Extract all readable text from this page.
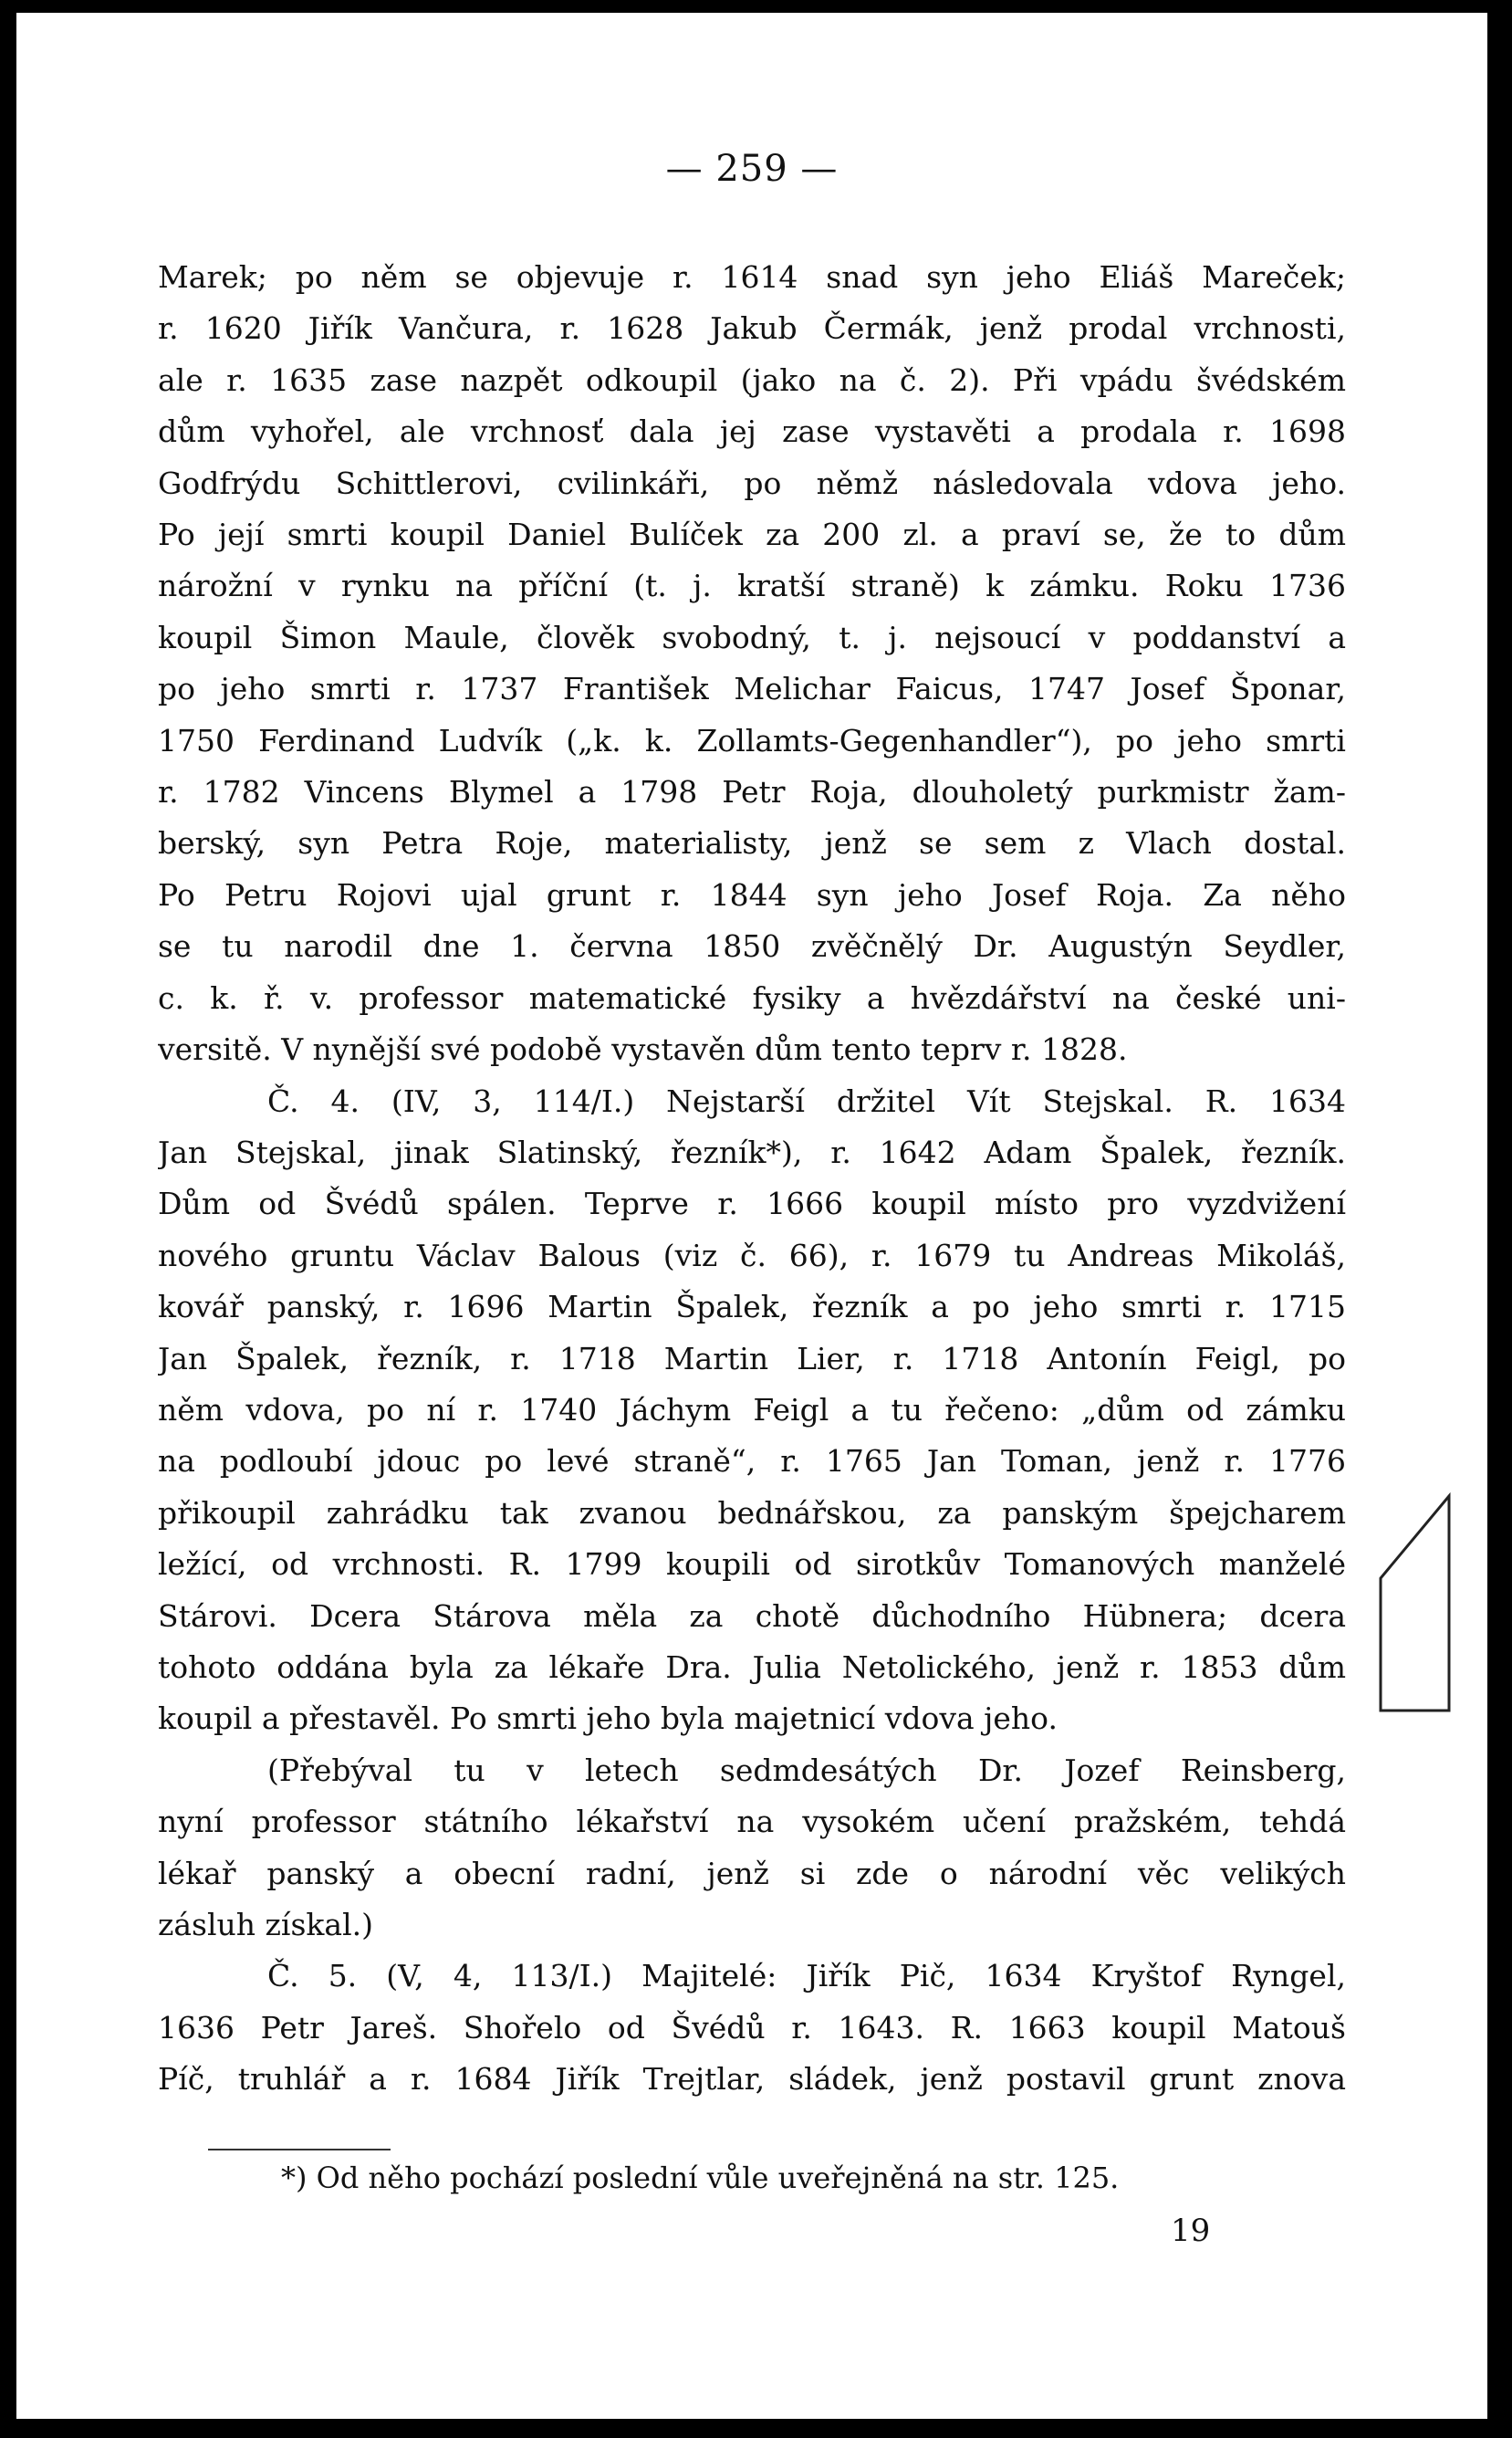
— 259 —
Marek; po něm se objevuje r. 1614 snad syn jeho Eliáš Mareček;
r. 1620 Jiřík Vančura, r. 1628 Jakub Čermák, jenž prodal vrchnosti,
ale r. 1635 zase nazpět odkoupil (jako na č. 2). Při vpádu švédském
dům vyhořel, ale vrchnosť dala jej zase vystavěti a prodala r. 1698
Godfrýdu Schittlerovi, cvilinkáři, po němž následovala vdova jeho.
Po její smrti koupil Daniel Bulíček za 200 zl. a praví se, že to dům
nárožní v rynku na příční (t. j. kratší straně) k zámku. Roku 1736
koupil Šimon Maule, člověk svobodný, t. j. nejsoucí v poddanství a
po jeho smrti r. 1737 František Melichar Faicus, 1747 Josef Šponar,
1750 Ferdinand Ludvík („k. k. Zollamts-Gegenhandler“), po jeho smrti
r. 1782 Vincens Blymel a 1798 Petr Roja, dlouholetý purkmistr žam-
berský, syn Petra Roje, materialisty, jenž se sem z Vlach dostal.
Po Petru Rojovi ujal grunt r. 1844 syn jeho Josef Roja. Za něho
se tu narodil dne 1. června 1850 zvěčnělý Dr. Augustýn Seydler,
c. k. ř. v. professor matematické fysiky a hvězdářství na české uni-
versitě. V nynější své podobě vystavěn dům tento teprv r. 1828.
Č. 4. (IV, 3, 114/I.) Nejstarší držitel Vít Stejskal. R. 1634
Jan Stejskal, jinak Slatinský, řezník*), r. 1642 Adam Špalek, řezník.
Dům od Švédů spálen. Teprve r. 1666 koupil místo pro vyzdvižení
nového gruntu Václav Balous (viz č. 66), r. 1679 tu Andreas Mikoláš,
kovář panský, r. 1696 Martin Špalek, řezník a po jeho smrti r. 1715
Jan Špalek, řezník, r. 1718 Martin Lier, r. 1718 Antonín Feigl, po
něm vdova, po ní r. 1740 Jáchym Feigl a tu řečeno: „dům od zámku
na podloubí jdouc po levé straně“, r. 1765 Jan Toman, jenž r. 1776
přikoupil zahrádku tak zvanou bednářskou, za panským špejcharem
ležící, od vrchnosti. R. 1799 koupili od sirotkův Tomanových manželé
Stárovi. Dcera Stárova měla za chotě důchodního Hübnera; dcera
tohoto oddána byla za lékaře Dra. Julia Netolického, jenž r. 1853 dům
koupil a přestavěl. Po smrti jeho byla majetnicí vdova jeho.
(Přebýval tu v letech sedmdesátých Dr. Jozef Reinsberg,
nyní professor státního lékařství na vysokém učení pražském, tehdá
lékař panský a obecní radní, jenž si zde o národní věc velikých
zásluh získal.)
Č. 5. (V, 4, 113/I.) Majitelé: Jiřík Pič, 1634 Kryštof Ryngel,
1636 Petr Jareš. Shořelo od Švédů r. 1643. R. 1663 koupil Matouš
Píč, truhlář a r. 1684 Jiřík Trejtlar, sládek, jenž postavil grunt znova
*) Od něho pochází poslední vůle uveřejněná na str. 125.
19
